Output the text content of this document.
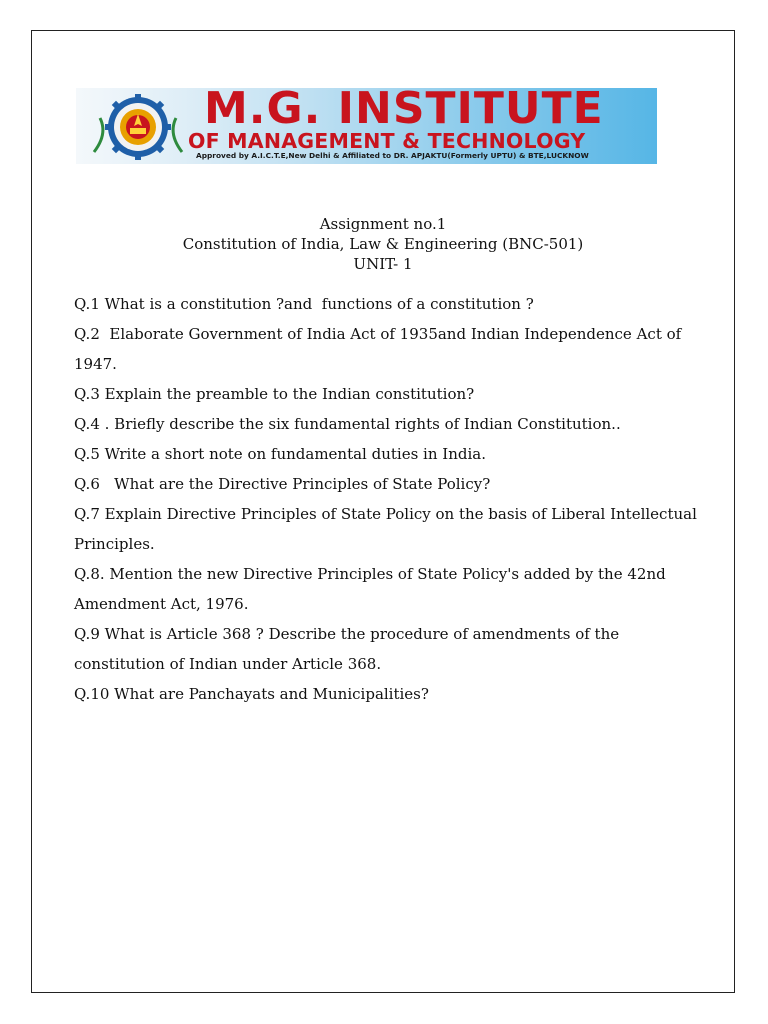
M.G. INSTITUTE
OF MANAGEMENT & TECHNOLOGY
Approved by A.I.C.T.E,New Delhi & Affiliated to DR. APJAKTU(Formerly UPTU) & BTE,LUCKNOW
Assignment no.1
Constitution of India, Law & Engineering (BNC-501)
UNIT- 1
Q.1 What is a constitution ?and  functions of a constitution ?
Q.2  Elaborate Government of India Act of 1935and Indian Independence Act of 1947.
Q.3 Explain the preamble to the Indian constitution?
Q.4 . Briefly describe the six fundamental rights of Indian Constitution..
Q.5 Write a short note on fundamental duties in India.
Q.6   What are the Directive Principles of State Policy?
Q.7 Explain Directive Principles of State Policy on the basis of Liberal Intellectual Principles.
Q.8. Mention the new Directive Principles of State Policy's added by the 42nd Amendment Act, 1976.
Q.9 What is Article 368 ? Describe the procedure of amendments of the constitution of Indian under Article 368.
Q.10 What are Panchayats and Municipalities?
